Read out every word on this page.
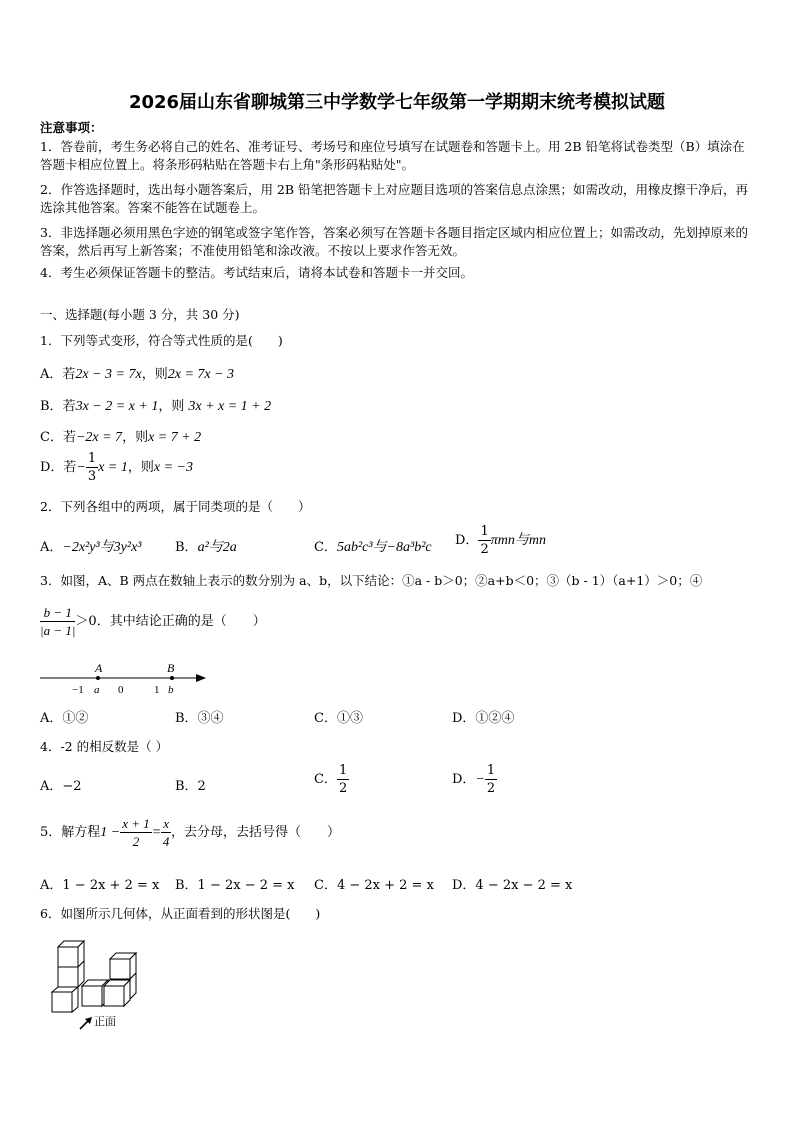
2026届山东省聊城第三中学数学七年级第一学期期末统考模拟试题
注意事项：
1．答卷前，考生务必将自己的姓名、准考证号、考场号和座位号填写在试题卷和答题卡上。用 2B 铅笔将试卷类型（B）填涂在答题卡相应位置上。将条形码粘贴在答题卡右上角"条形码粘贴处"。
2．作答选择题时，选出每小题答案后，用 2B 铅笔把答题卡上对应题目选项的答案信息点涂黑；如需改动，用橡皮擦干净后，再选涂其他答案。答案不能答在试题卷上。
3．非选择题必须用黑色字迹的钢笔或签字笔作答，答案必须写在答题卡各题目指定区域内相应位置上；如需改动，先划掉原来的答案，然后再写上新答案；不准使用铅笔和涂改液。不按以上要求作答无效。
4．考生必须保证答题卡的整洁。考试结束后，请将本试卷和答题卡一并交回。
一、选择题(每小题 3 分，共 30 分)
1．下列等式变形，符合等式性质的是(　　)
A．若2x − 3 = 7x，则2x = 7x − 3
B．若3x − 2 = x + 1，则 3x + x = 1 + 2
C．若−2x = 7，则x = 7 + 2
D．若− $\frac{1}{3}$ x = 1，则x = −3
2．下列各组中的两项，属于同类项的是（　　）
A．−2x²y³与3y²x³	B．a²与2a	C．5ab²c³与−8a³b²c D． $\frac{1}{2}$ πmn与mn
3．如图，A、B 两点在数轴上表示的数分别为 a、b，以下结论：①a - b＞0；②a+b＜0；③（b - 1）（a+1）＞0；④
$\frac{b - 1}{|a - 1|} >0$．其中结论正确的是（　　）
A	B
−1 a 0	1 b
A．①②	B．③④	C．①③	D．①②④
4．-2 的相反数是（ ）
A．−2	B．2	C． $\frac{1}{2}$	D．− $\frac{1}{2}$
5．解方程$1 - \frac{x + 1}{2} = \frac{x}{4}$ ，去分母，去括号得（　　）
A．1 − 2x + 2 = x B．1 − 2x − 2 = x C．4 − 2x + 2 = x D．4 − 2x − 2 = x
6．如图所示几何体，从正面看到的形状图是(　　)
正面
